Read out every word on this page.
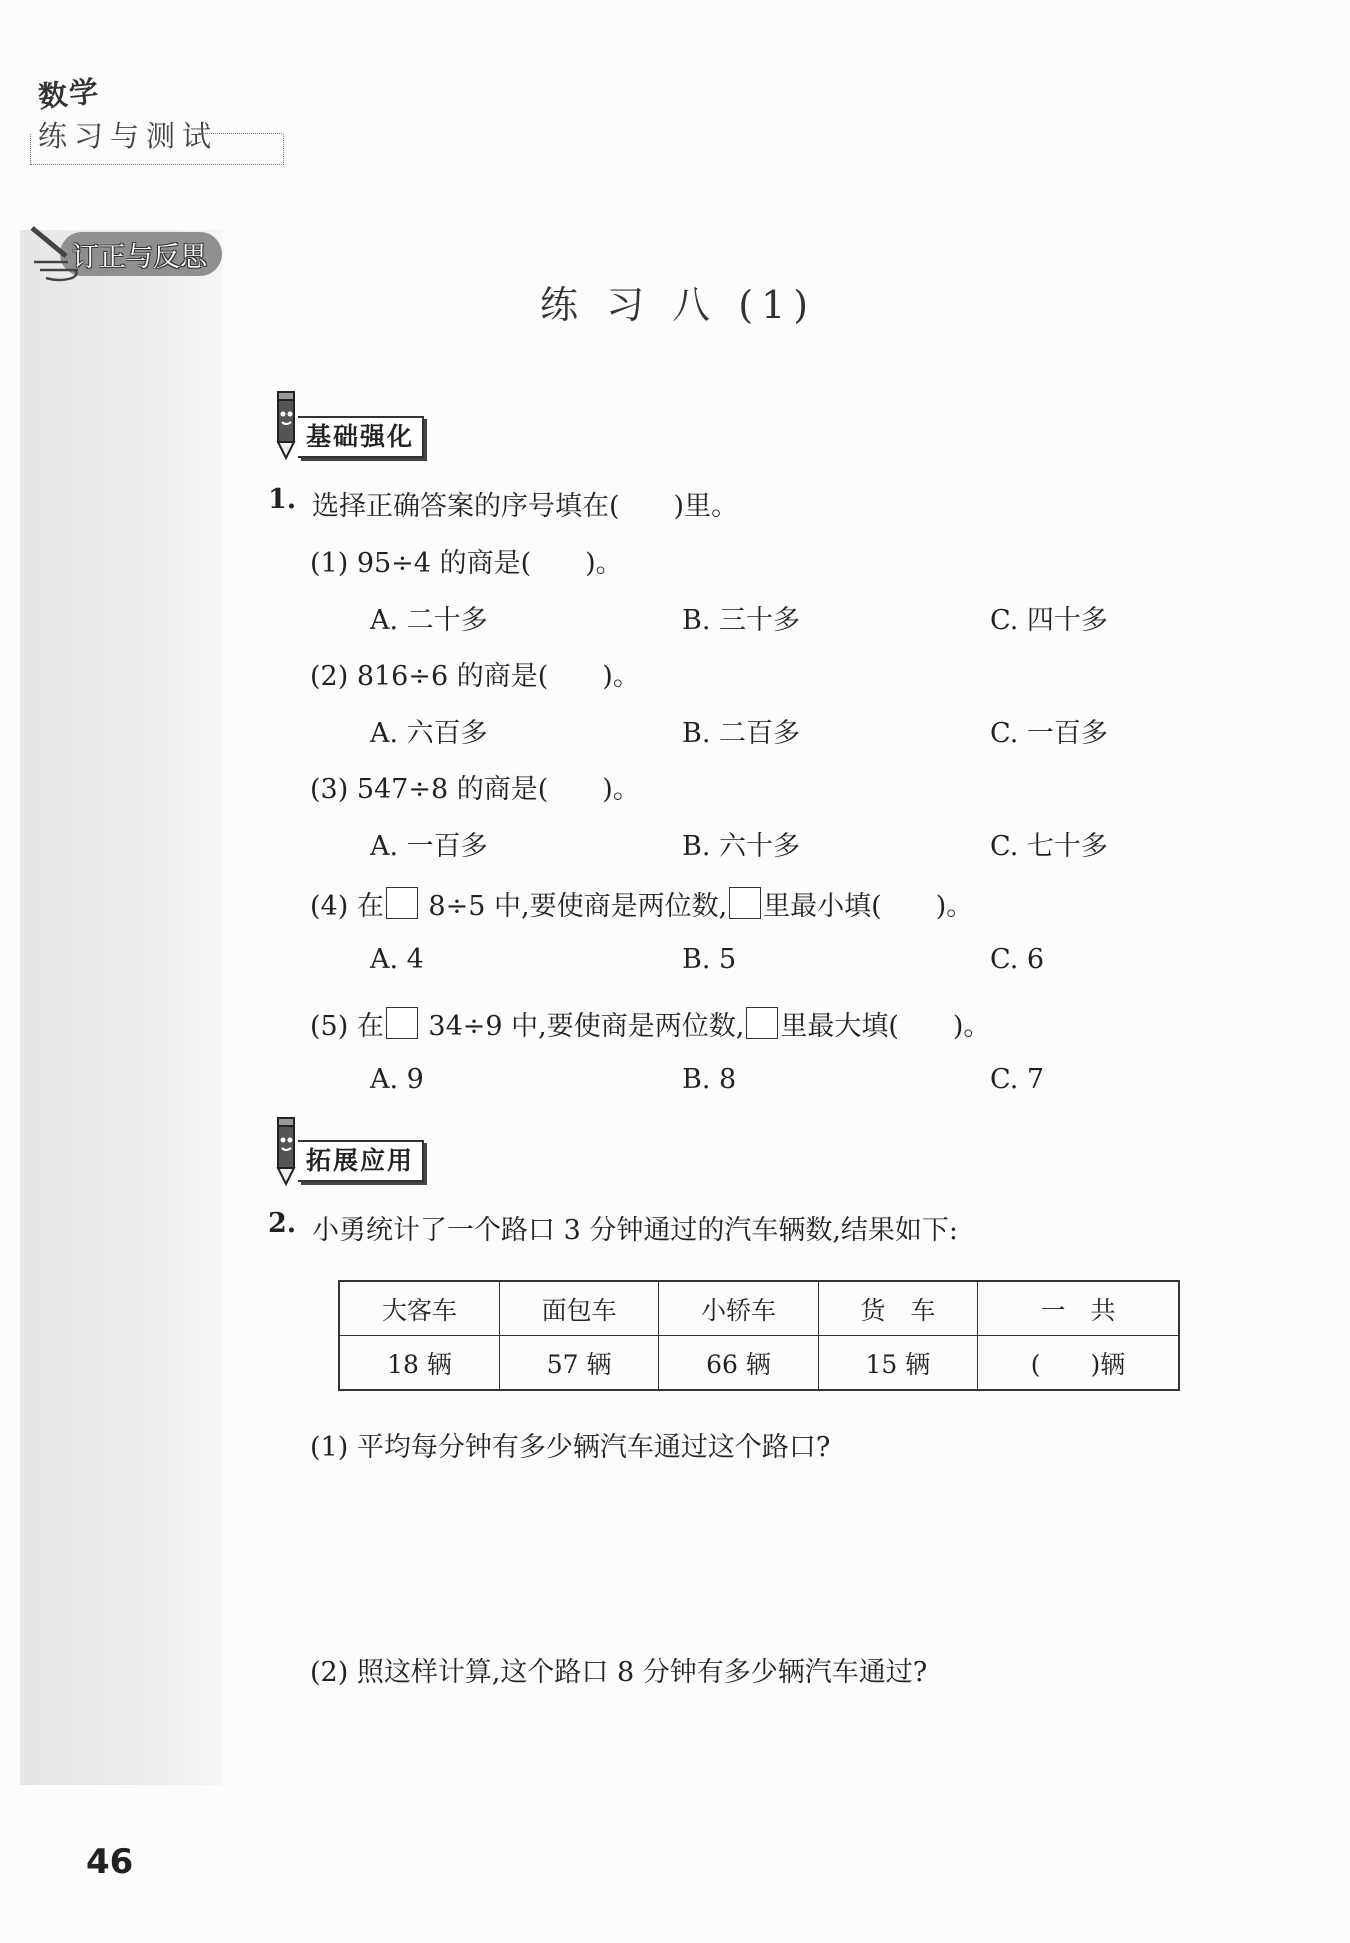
数学
练习与测试
订正与反思
练 习 八 (1)
基础强化
1. 选择正确答案的序号填在(　　)里。
(1) 95÷4 的商是(　　)。
A. 二十多	B. 三十多	C. 四十多
(2) 816÷6 的商是(　　)。
A. 六百多	B. 二百多	C. 一百多
(3) 547÷8 的商是(　　)。
A. 一百多	B. 六十多	C. 七十多
(4) 在 8÷5 中,要使商是两位数, 里最小填(　　)。
A. 4	B. 5	C. 6
(5) 在 34÷9 中,要使商是两位数, 里最大填(　　)。
A. 9	B. 8	C. 7
拓展应用
2. 小勇统计了一个路口 3 分钟通过的汽车辆数,结果如下:
大客车	面包车	小轿车	货　车	一　共
18 辆	57 辆	66 辆	15 辆	(　　)辆
(1) 平均每分钟有多少辆汽车通过这个路口?
(2) 照这样计算,这个路口 8 分钟有多少辆汽车通过?
46
